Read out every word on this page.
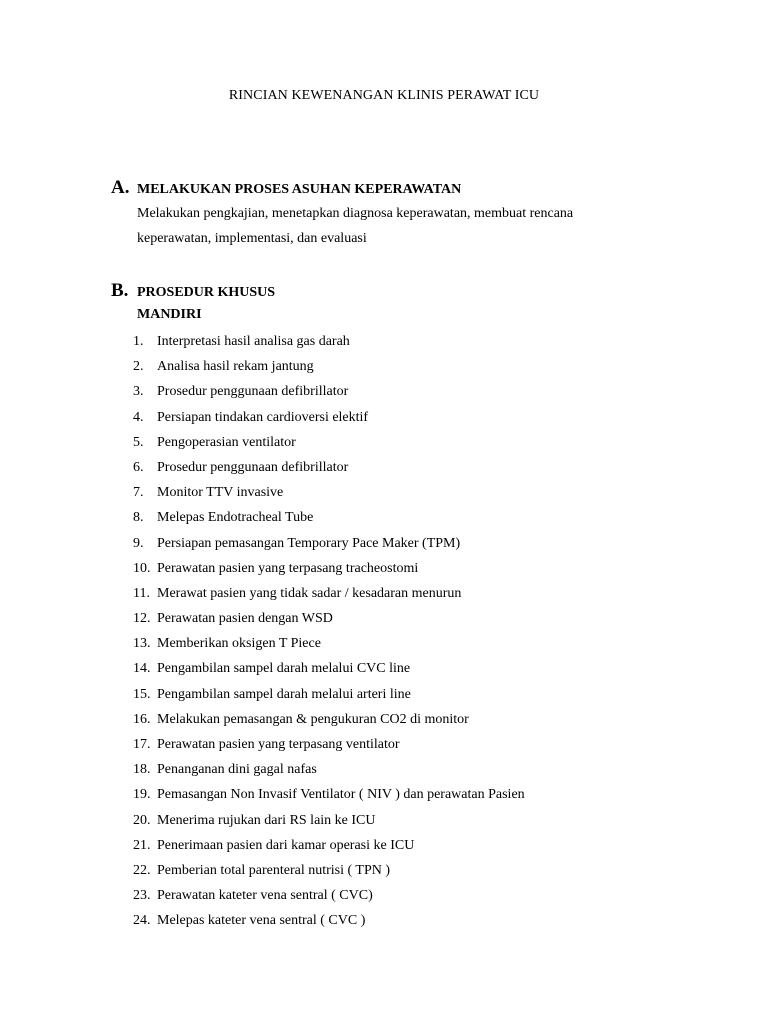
RINCIAN KEWENANGAN KLINIS PERAWAT ICU
A. MELAKUKAN PROSES ASUHAN KEPERAWATAN
Melakukan pengkajian, menetapkan diagnosa keperawatan, membuat rencana
keperawatan, implementasi, dan evaluasi
B. PROSEDUR KHUSUS
MANDIRI
1. Interpretasi hasil analisa gas darah
2. Analisa hasil rekam jantung
3. Prosedur penggunaan defibrillator
4. Persiapan tindakan cardioversi elektif
5. Pengoperasian ventilator
6. Prosedur penggunaan defibrillator
7. Monitor TTV invasive
8. Melepas Endotracheal Tube
9. Persiapan pemasangan Temporary Pace Maker (TPM)
10. Perawatan pasien yang terpasang tracheostomi
11. Merawat pasien yang tidak sadar / kesadaran menurun
12. Perawatan pasien dengan WSD
13. Memberikan oksigen T Piece
14. Pengambilan sampel darah melalui CVC line
15. Pengambilan sampel darah melalui arteri line
16. Melakukan pemasangan & pengukuran CO2 di monitor
17. Perawatan pasien yang terpasang ventilator
18. Penanganan dini gagal nafas
19. Pemasangan Non Invasif Ventilator ( NIV ) dan perawatan Pasien
20. Menerima rujukan dari RS lain ke ICU
21. Penerimaan pasien dari kamar operasi ke ICU
22. Pemberian total parenteral nutrisi ( TPN )
23. Perawatan kateter vena sentral ( CVC)
24. Melepas kateter vena sentral ( CVC )
